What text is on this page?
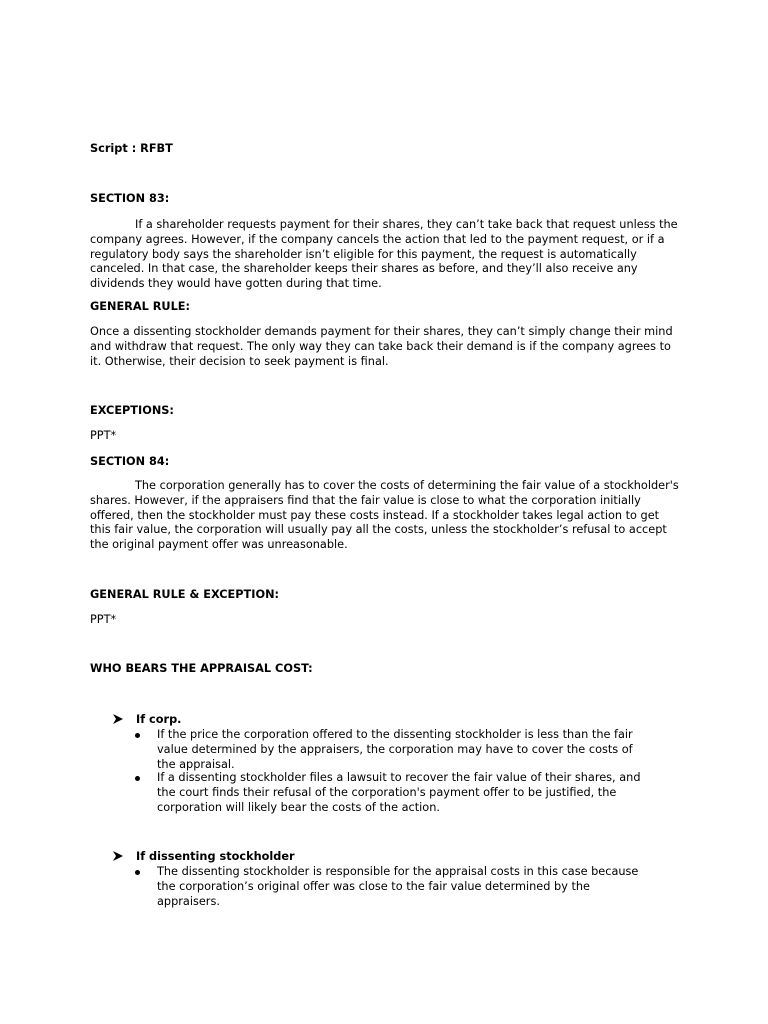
Script : RFBT

SECTION 83:

If a shareholder requests payment for their shares, they can’t take back that request unless the company agrees. However, if the company cancels the action that led to the payment request, or if a regulatory body says the shareholder isn’t eligible for this payment, the request is automatically canceled. In that case, the shareholder keeps their shares as before, and they’ll also receive any dividends they would have gotten during that time.

GENERAL RULE:

Once a dissenting stockholder demands payment for their shares, they can’t simply change their mind and withdraw that request. The only way they can take back their demand is if the company agrees to it. Otherwise, their decision to seek payment is final.

EXCEPTIONS:

PPT*

SECTION 84:

The corporation generally has to cover the costs of determining the fair value of a stockholder's shares. However, if the appraisers find that the fair value is close to what the corporation initially offered, then the stockholder must pay these costs instead. If a stockholder takes legal action to get this fair value, the corporation will usually pay all the costs, unless the stockholder’s refusal to accept the original payment offer was unreasonable.

GENERAL RULE & EXCEPTION:

PPT*

WHO BEARS THE APPRAISAL COST:

If corp.
If the price the corporation offered to the dissenting stockholder is less than the fair value determined by the appraisers, the corporation may have to cover the costs of the appraisal.
If a dissenting stockholder files a lawsuit to recover the fair value of their shares, and the court finds their refusal of the corporation's payment offer to be justified, the corporation will likely bear the costs of the action.
If dissenting stockholder
The dissenting stockholder is responsible for the appraisal costs in this case because the corporation’s original offer was close to the fair value determined by the appraisers.
